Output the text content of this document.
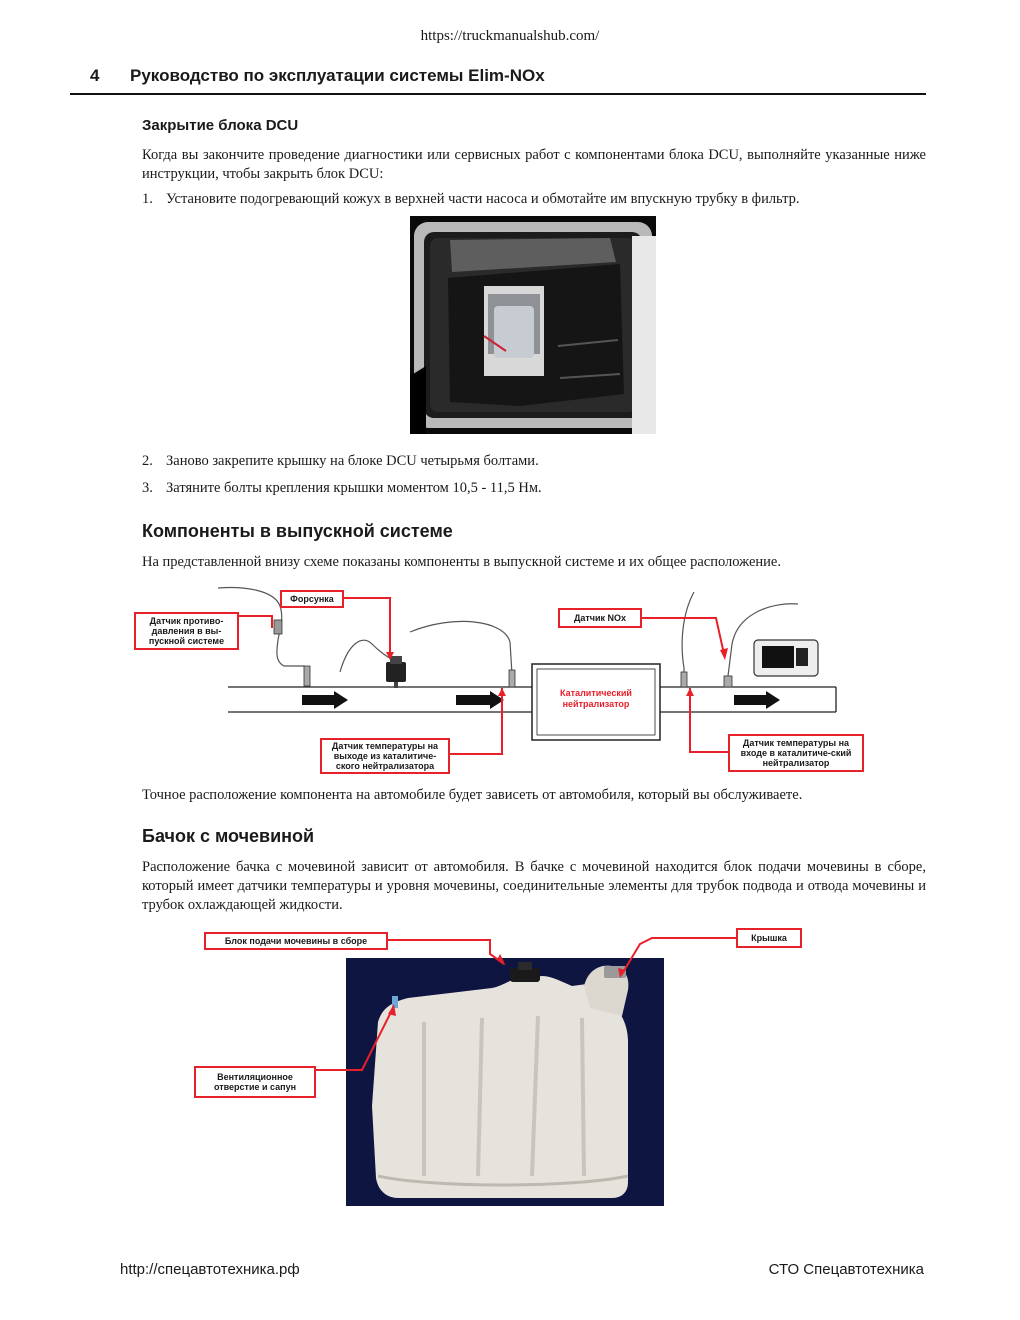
https://truckmanualshub.com/
4 Руководство по эксплуатации системы Elim-NOx
Закрытие блока DCU
Когда вы закончите проведение диагностики или сервисных работ с компонентами блока DCU, выполняйте указанные ниже инструкции, чтобы закрыть блок DCU:
1. Установите подогревающий кожух в верхней части насоса и обмотайте им впускную трубку в фильтр.
2. Заново закрепите крышку на блоке DCU четырьмя болтами.
3. Затяните болты крепления крышки моментом 10,5 - 11,5 Нм.
Компоненты в выпускной системе
На представленной внизу схеме показаны компоненты в выпускной системе и их общее расположение.
Датчик противо-давления в вы-пускной системе
Форсунка
Датчик NOx
Каталитический нейтрализатор
Датчик температуры на выходе из каталитиче-ского нейтрализатора
Датчик температуры на входе в каталитиче-ский нейтрализатор
Точное расположение компонента на автомобиле будет зависеть от автомобиля, который вы обслуживаете.
Бачок с мочевиной
Расположение бачка с мочевиной зависит от автомобиля. В бачке с мочевиной находится блок подачи мочевины в сборе, который имеет датчики температуры и уровня мочевины, соединительные элементы для трубок подвода и отвода мочевины и трубок охлаждающей жидкости.
Блок подачи мочевины в сборе	Крышка
Вентиляционное отверстие и сапун
http://спецавтотехника.рф	СТО Спецавтотехника
